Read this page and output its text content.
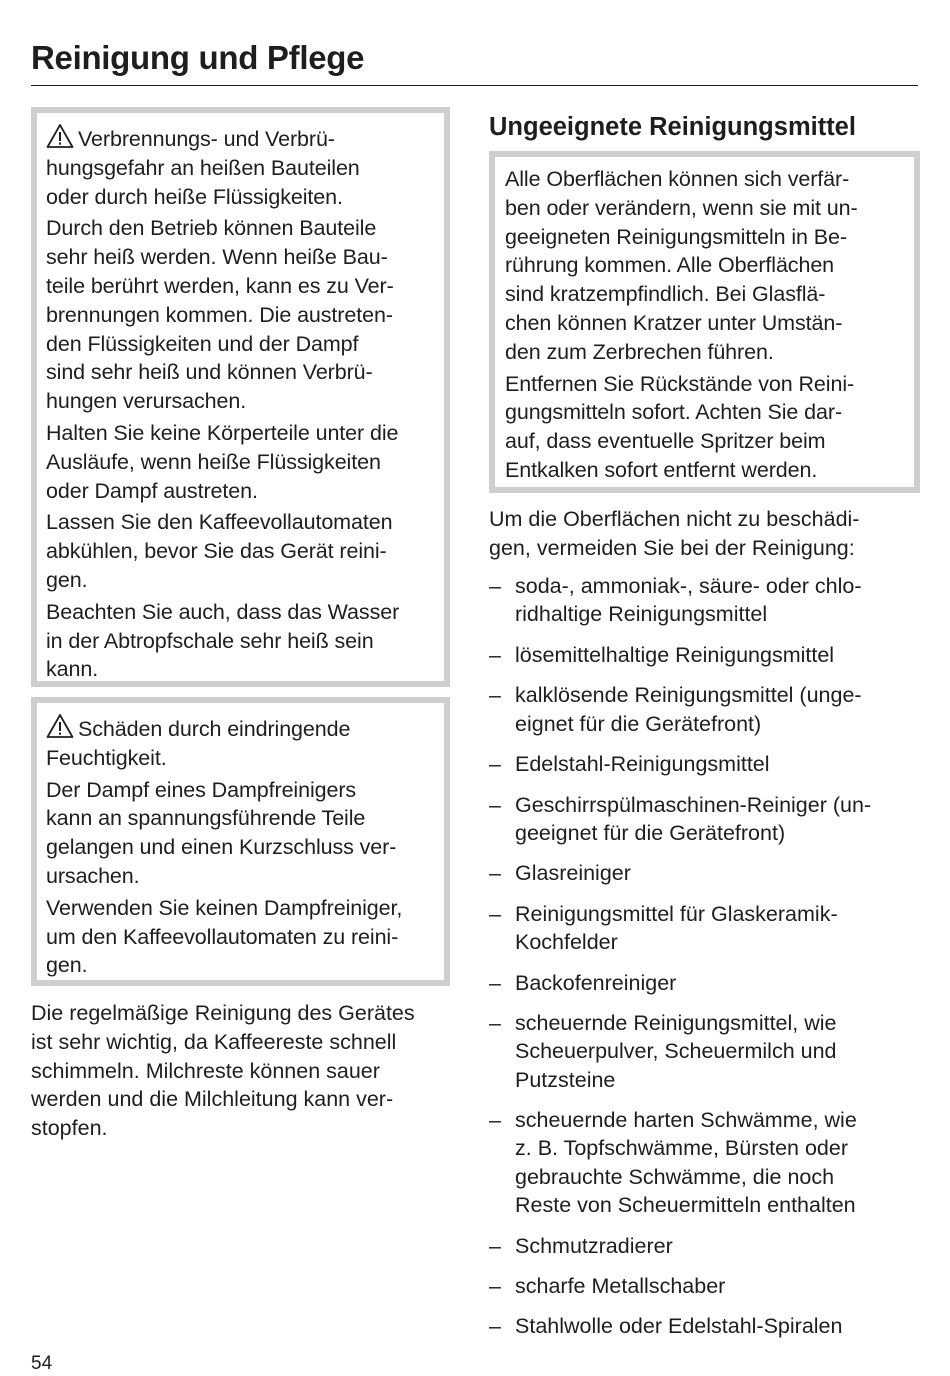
Reinigung und Pflege

Verbrennungs- und Verbrü-
hungsgefahr an heißen Bauteilen
oder durch heiße Flüssigkeiten.

Durch den Betrieb können Bauteile
sehr heiß werden. Wenn heiße Bau-
teile berührt werden, kann es zu Ver-
brennungen kommen. Die austreten-
den Flüssigkeiten und der Dampf
sind sehr heiß und können Verbrü-
hungen verursachen.

Halten Sie keine Körperteile unter die
Ausläufe, wenn heiße Flüssigkeiten
oder Dampf austreten.

Lassen Sie den Kaffeevollautomaten
abkühlen, bevor Sie das Gerät reini-
gen.

Beachten Sie auch, dass das Wasser
in der Abtropfschale sehr heiß sein
kann.

Schäden durch eindringende
Feuchtigkeit.

Der Dampf eines Dampfreinigers
kann an spannungsführende Teile
gelangen und einen Kurzschluss ver-
ursachen.

Verwenden Sie keinen Dampfreiniger,
um den Kaffeevollautomaten zu reini-
gen.

Die regelmäßige Reinigung des Gerätes
ist sehr wichtig, da Kaffeereste schnell
schimmeln. Milchreste können sauer
werden und die Milchleitung kann ver-
stopfen.

Ungeeignete Reinigungsmittel

Alle Oberflächen können sich verfär-
ben oder verändern, wenn sie mit un-
geeigneten Reinigungsmitteln in Be-
rührung kommen. Alle Oberflächen
sind kratzempfindlich. Bei Glasflä-
chen können Kratzer unter Umstän-
den zum Zerbrechen führen.

Entfernen Sie Rückstände von Reini-
gungsmitteln sofort. Achten Sie dar-
auf, dass eventuelle Spritzer beim
Entkalken sofort entfernt werden.

Um die Oberflächen nicht zu beschädi-
gen, vermeiden Sie bei der Reinigung:

– soda-, ammoniak-, säure- oder chlo-
ridhaltige Reinigungsmittel
– lösemittelhaltige Reinigungsmittel
– kalklösende Reinigungsmittel (unge-
eignet für die Gerätefront)
– Edelstahl-Reinigungsmittel
– Geschirrspülmaschinen-Reiniger (un-
geeignet für die Gerätefront)
– Glasreiniger
– Reinigungsmittel für Glaskeramik-
Kochfelder
– Backofenreiniger
– scheuernde Reinigungsmittel, wie
Scheuerpulver, Scheuermilch und
Putzsteine
– scheuernde harten Schwämme, wie
z. B. Topfschwämme, Bürsten oder
gebrauchte Schwämme, die noch
Reste von Scheuermitteln enthalten
– Schmutzradierer
– scharfe Metallschaber
– Stahlwolle oder Edelstahl-Spiralen
54
